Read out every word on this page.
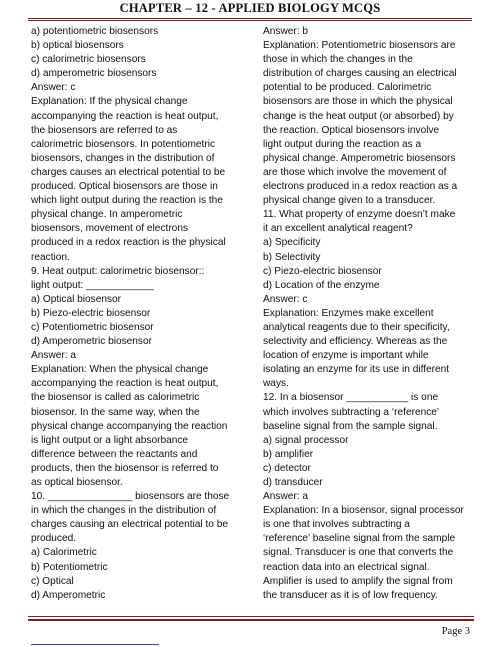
CHAPTER – 12 - APPLIED BIOLOGY MCQS
a) potentiometric biosensors
b) optical biosensors
c) calorimetric biosensors
d) amperometric biosensors
Answer: c
Explanation: If the physical change
accompanying the reaction is heat output,
the biosensors are referred to as
calorimetric biosensors. In potentiometric
biosensors, changes in the distribution of
charges causes an electrical potential to be
produced. Optical biosensors are those in
which light output during the reaction is the
physical change. In amperometric
biosensors, movement of electrons
produced in a redox reaction is the physical
reaction.
9. Heat output: calorimetric biosensor::
light output: ____________
a) Optical biosensor
b) Piezo-electric biosensor
c) Potentiometric biosensor
d) Amperometric biosensor
Answer: a
Explanation: When the physical change
accompanying the reaction is heat output,
the biosensor is called as calorimetric
biosensor. In the same way, when the
physical change accompanying the reaction
is light output or a light absorbance
difference between the reactants and
products, then the biosensor is referred to
as optical biosensor.
10. _______________ biosensors are those
in which the changes in the distribution of
charges causing an electrical potential to be
produced.
a) Calorimetric
b) Potentiometric
c) Optical
d) Amperometric
Answer: b
Explanation: Potentiometric biosensors are
those in which the changes in the
distribution of charges causing an electrical
potential to be produced. Calorimetric
biosensors are those in which the physical
change is the heat output (or absorbed) by
the reaction. Optical biosensors involve
light output during the reaction as a
physical change. Amperometric biosensors
are those which involve the movement of
electrons produced in a redox reaction as a
physical change given to a transducer.
11. What property of enzyme doesn’t make
it an excellent analytical reagent?
a) Specificity
b) Selectivity
c) Piezo-electric biosensor
d) Location of the enzyme
Answer: c
Explanation: Enzymes make excellent
analytical reagents due to their specificity,
selectivity and efficiency. Whereas as the
location of enzyme is important while
isolating an enzyme for its use in different
ways.
12. In a biosensor ___________ is one
which involves subtracting a ‘reference’
baseline signal from the sample signal.
a) signal processor
b) amplifier
c) detector
d) transducer
Answer: a
Explanation: In a biosensor, signal processor
is one that involves subtracting a
‘reference’ baseline signal from the sample
signal. Transducer is one that converts the
reaction data into an electrical signal.
Amplifier is used to amplify the signal from
the transducer as it is of low frequency.
Page 3
